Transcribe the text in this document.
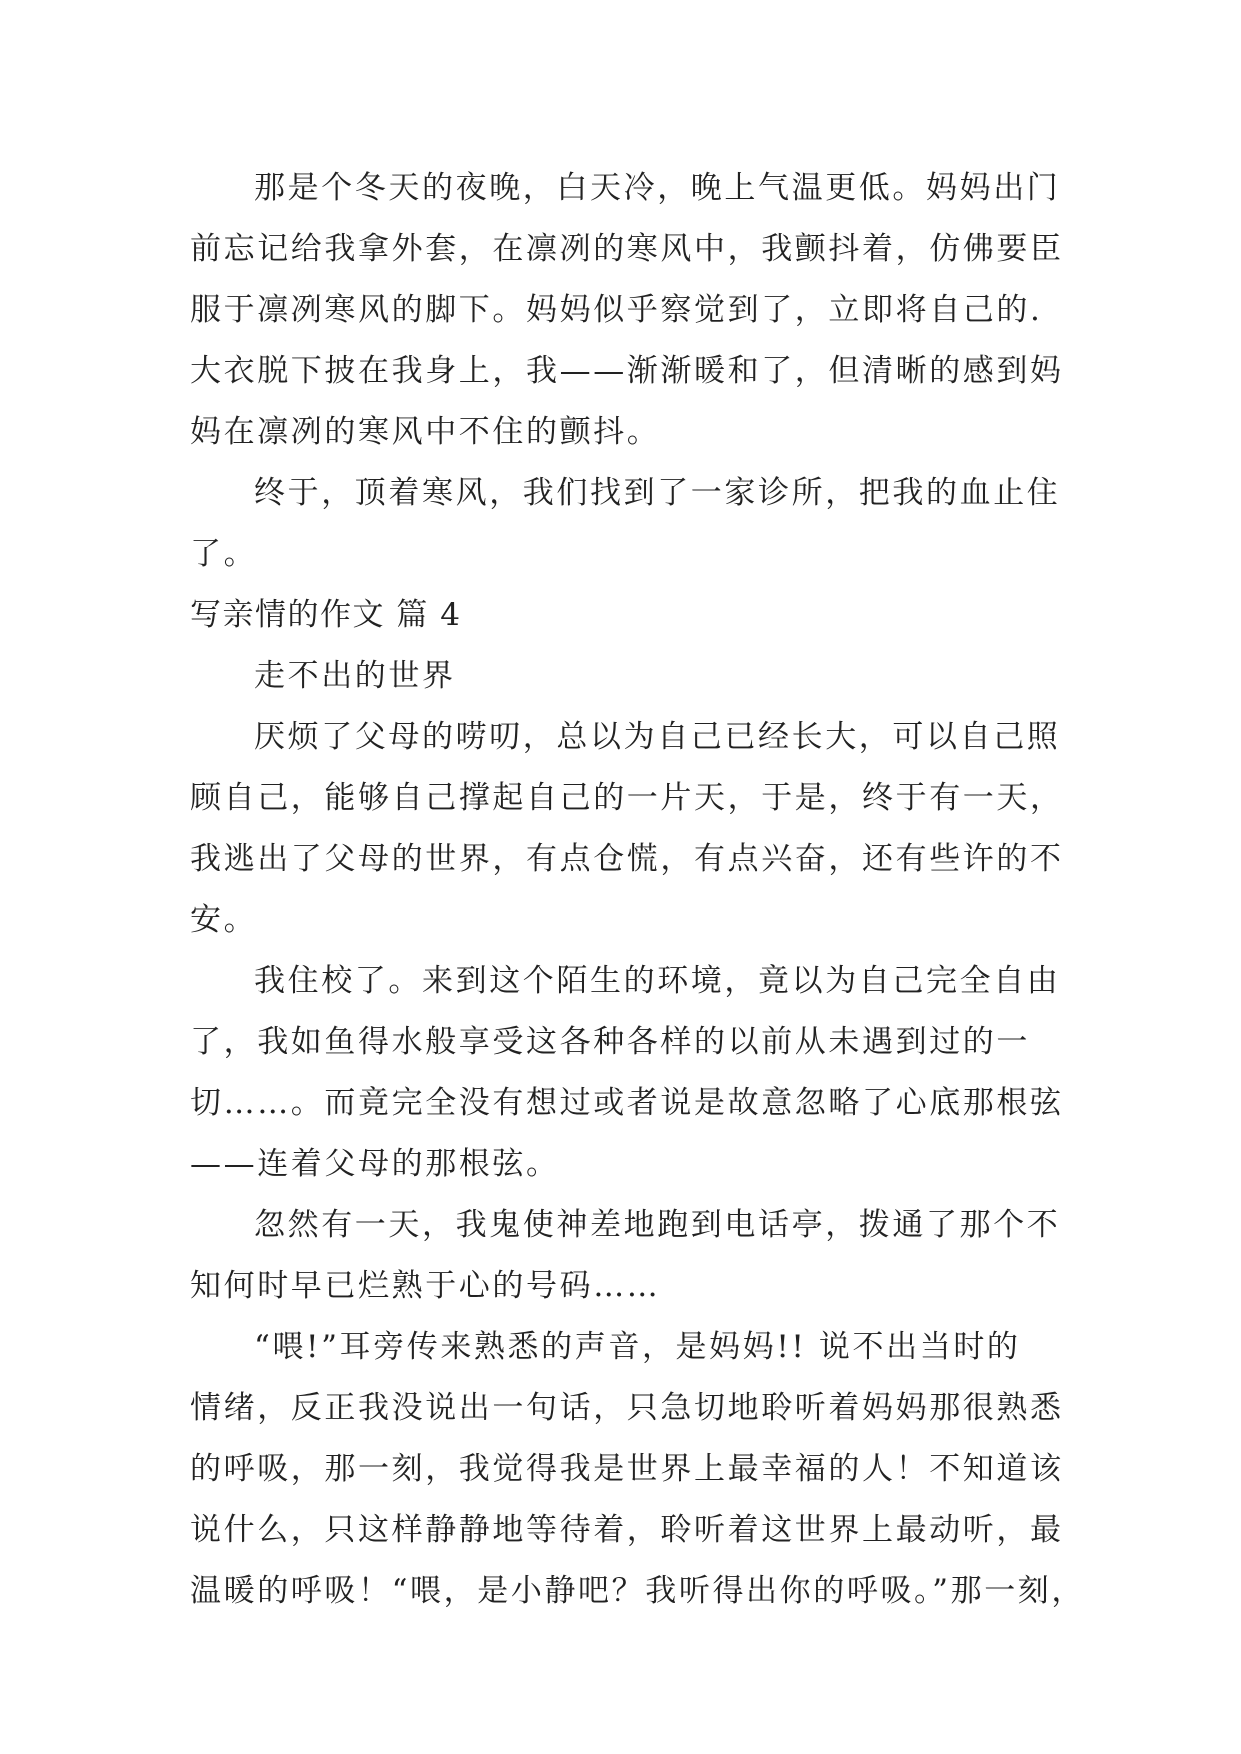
那是个冬天的夜晚，白天冷，晚上气温更低。妈妈出门
前忘记给我拿外套，在凛冽的寒风中，我颤抖着，仿佛要臣
服于凛冽寒风的脚下。妈妈似乎察觉到了，立即将自己的.
大衣脱下披在我身上，我——渐渐暖和了，但清晰的感到妈
妈在凛冽的寒风中不住的颤抖。
终于，顶着寒风，我们找到了一家诊所，把我的血止住
了。
写亲情的作文 篇 4
走不出的世界
厌烦了父母的唠叨，总以为自己已经长大，可以自己照
顾自己，能够自己撑起自己的一片天，于是，终于有一天，
我逃出了父母的世界，有点仓慌，有点兴奋，还有些许的不
安。
我住校了。来到这个陌生的环境，竟以为自己完全自由
了，我如鱼得水般享受这各种各样的以前从未遇到过的一
切……。而竟完全没有想过或者说是故意忽略了心底那根弦
——连着父母的那根弦。
忽然有一天，我鬼使神差地跑到电话亭，拨通了那个不
知何时早已烂熟于心的号码……
“喂!”耳旁传来熟悉的声音，是妈妈!! 说不出当时的
情绪，反正我没说出一句话，只急切地聆听着妈妈那很熟悉
的呼吸，那一刻，我觉得我是世界上最幸福的人！不知道该
说什么，只这样静静地等待着，聆听着这世界上最动听，最
温暖的呼吸！“喂，是小静吧？我听得出你的呼吸。”那一刻，
